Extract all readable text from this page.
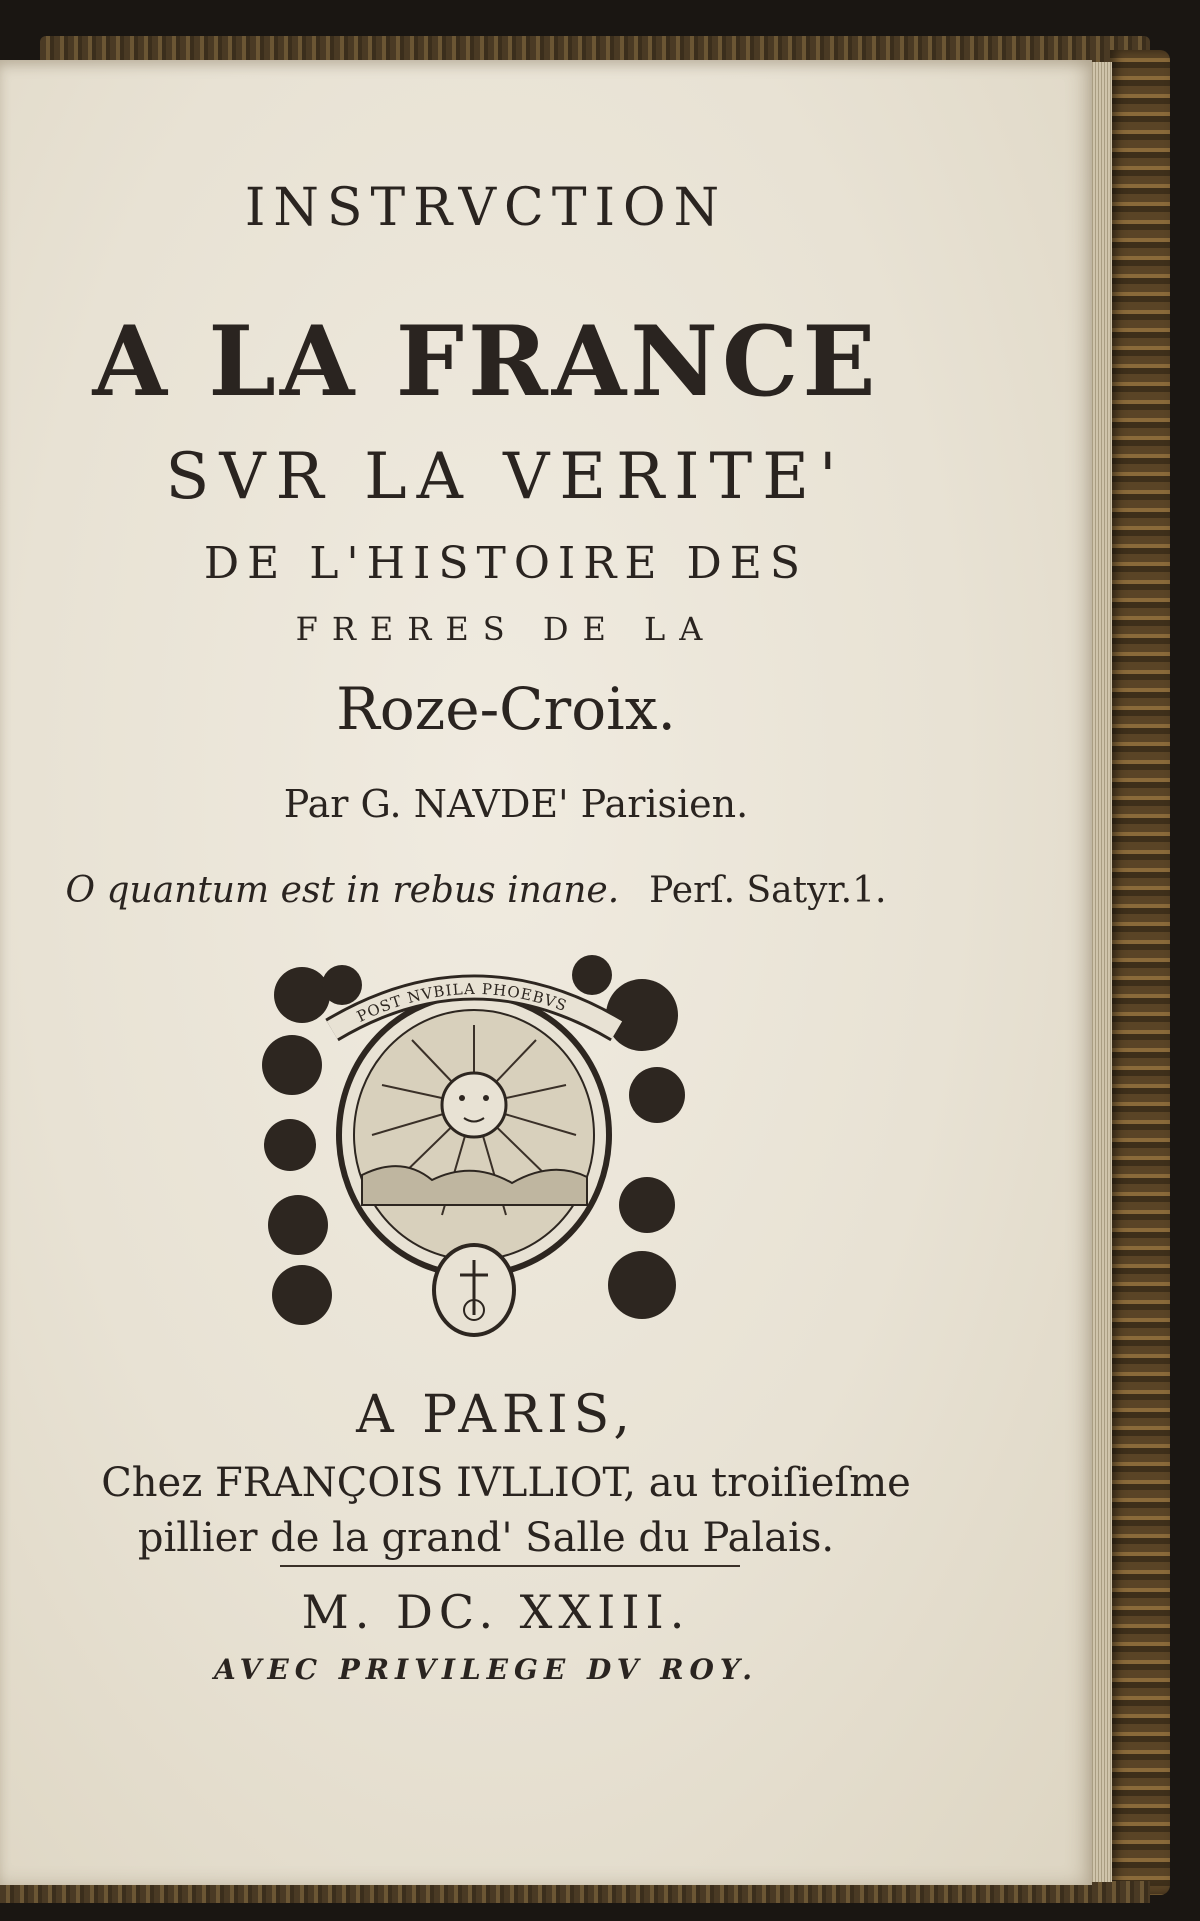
INSTRVCTION
A LA FRANCE
SVR LA VERITE'
DE L'HISTOIRE DES
FRERES DE LA
Roze-Croix.
Par G. NAVDE' Parisien.
O quantum est in rebus inane. Perſ. Satyr.1.
POST NVBILA PHOEBVS
A PARIS,
Chez FRANÇOIS IVLLIOT, au troiſieſme
pillier de la grand' Salle du Palais.
M. DC. XXIII.
AVEC PRIVILEGE DV ROY.
